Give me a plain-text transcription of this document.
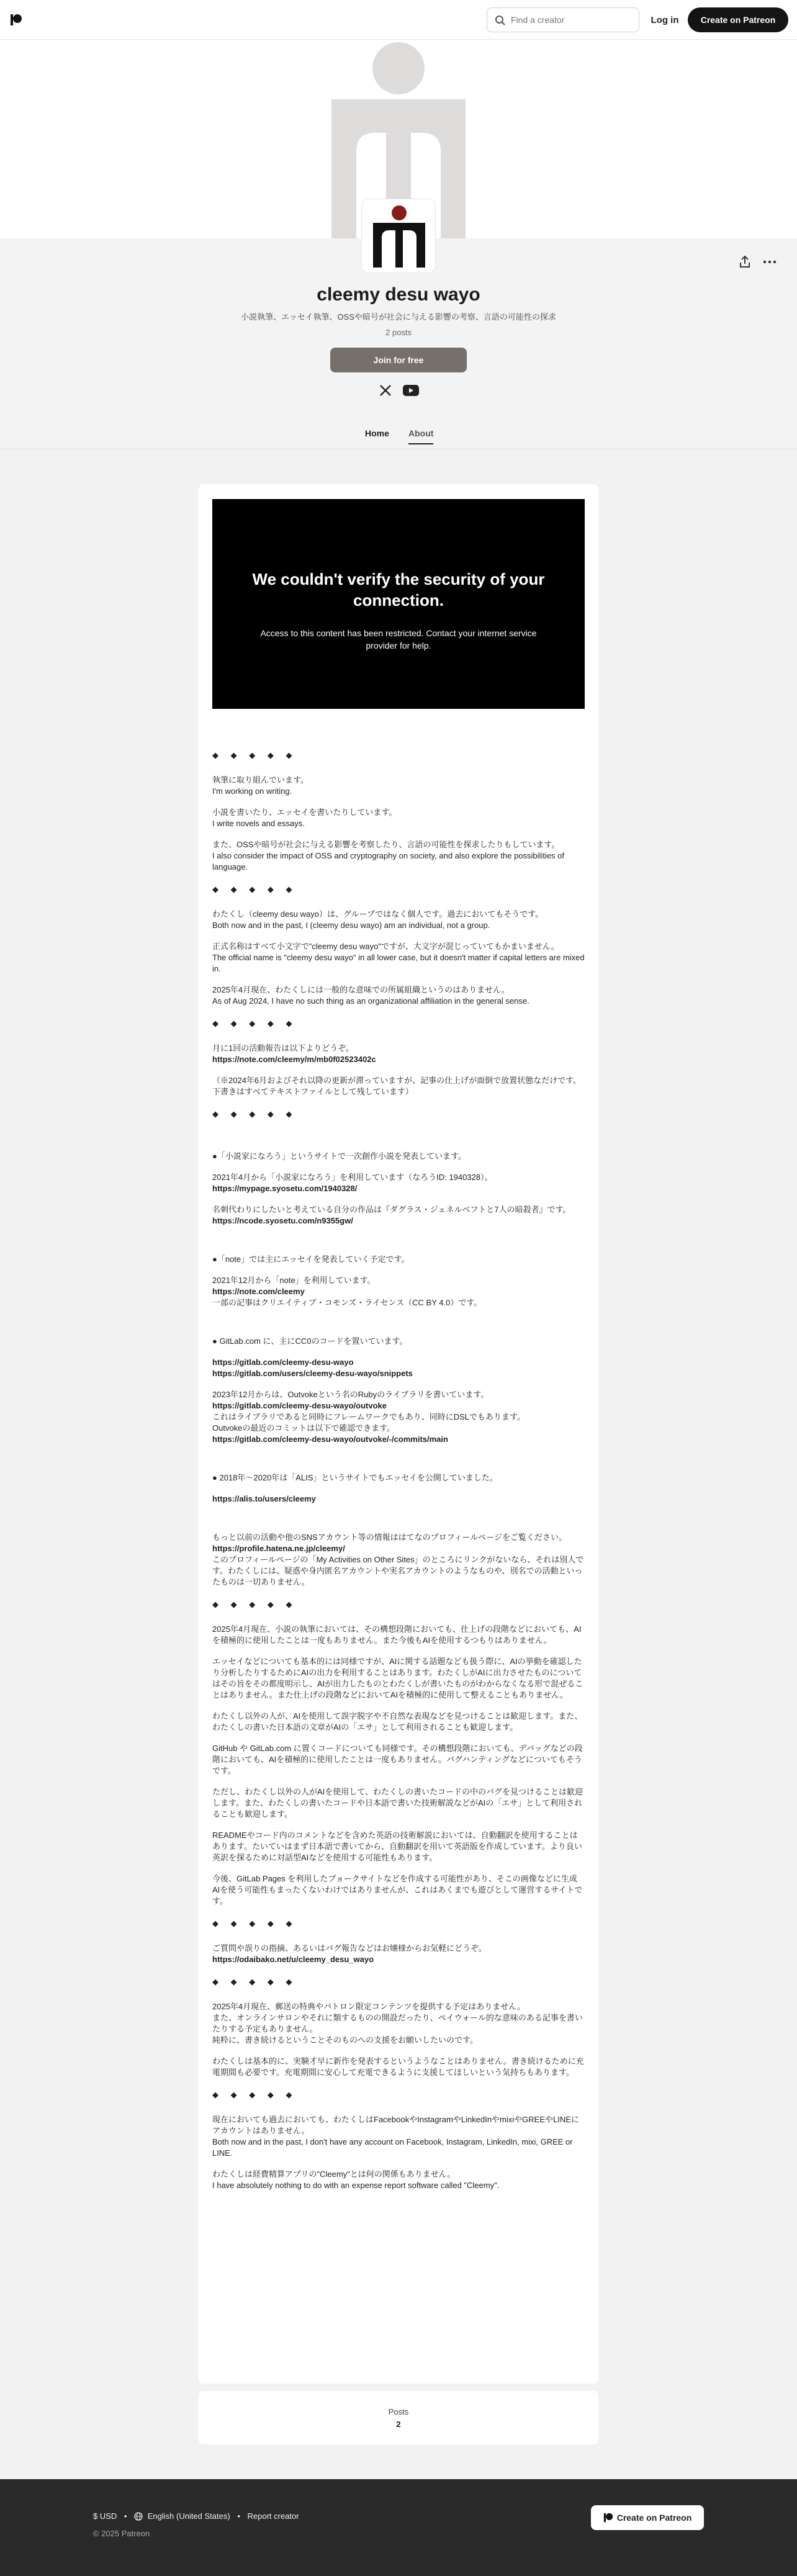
Find a creator
Log in	Create on Patreon
cleemy desu wayo
小説執筆、エッセイ執筆、OSSや暗号が社会に与える影響の考察、言語の可能性の探求
2 posts
Join for free
Home About
We couldn't verify the security of your connection.

Access to this content has been restricted. Contact your internet service provider for help.

◆ ◆ ◆ ◆ ◆

執筆に取り組んでいます。
I'm working on writing.

小説を書いたり、エッセイを書いたりしています。
I write novels and essays.

また、OSSや暗号が社会に与える影響を考察したり、言語の可能性を探求したりもしています。
I also consider the impact of OSS and cryptography on society, and also explore the possibilities of language.

◆ ◆ ◆ ◆ ◆

わたくし（cleemy desu wayo）は、グループではなく個人です。過去においてもそうです。
Both now and in the past, I (cleemy desu wayo) am an individual, not a group.

正式名称はすべて小文字で"cleemy desu wayo"ですが、大文字が混じっていてもかまいません。
The official name is "cleemy desu wayo" in all lower case, but it doesn't matter if capital letters are mixed in.

2025年4月現在、わたくしには一般的な意味での所属組織というのはありません。
As of Aug 2024, I have no such thing as an organizational affiliation in the general sense.

◆ ◆ ◆ ◆ ◆

月に1回の活動報告は以下よりどうぞ。
https://note.com/cleemy/m/mb0f02523402c

（※2024年6月およびそれ以降の更新が滞っていますが、記事の仕上げが面倒で放置状態なだけです。下書きはすべてテキストファイルとして残しています）

◆ ◆ ◆ ◆ ◆

●「小説家になろう」というサイトで一次創作小説を発表しています。

2021年4月から「小説家になろう」を利用しています（なろうID: 1940328）。
https://mypage.syosetu.com/1940328/

名刺代わりにしたいと考えている自分の作品は『ダグラス・ジェネルベフトと7人の暗殺者』です。
https://ncode.syosetu.com/n9355gw/

●「note」では主にエッセイを発表していく予定です。

2021年12月から「note」を利用しています。
https://note.com/cleemy
一部の記事はクリエイティブ・コモンズ・ライセンス（CC BY 4.0）です。

● GitLab.com に、主にCC0のコードを置いています。

https://gitlab.com/cleemy-desu-wayo
https://gitlab.com/users/cleemy-desu-wayo/snippets

2023年12月からは、Outvokeという名のRubyのライブラリを書いています。
https://gitlab.com/cleemy-desu-wayo/outvoke
これはライブラリであると同時にフレームワークでもあり、同時にDSLでもあります。
Outvokeの最近のコミットは以下で確認できます。
https://gitlab.com/cleemy-desu-wayo/outvoke/-/commits/main

● 2018年〜2020年は「ALIS」というサイトでもエッセイを公開していました。

https://alis.to/users/cleemy

もっと以前の活動や他のSNSアカウント等の情報ははてなのプロフィールページをご覧ください。
https://profile.hatena.ne.jp/cleemy/
このプロフィールページの「My Activities on Other Sites」のところにリンクがないなら、それは別人です。わたくしには、疑惑や身内匿名アカウントや実名アカウントのようなものや、別名での活動といったものは一切ありません。

◆ ◆ ◆ ◆ ◆

2025年4月現在、小説の執筆においては、その構想段階においても、仕上げの段階などにおいても、AIを積極的に使用したことは一度もありません。また今後もAIを使用するつもりはありません。

エッセイなどについても基本的には同様ですが、AIに関する話題なども扱う際に、AIの挙動を確認したり分析したりするためにAIの出力を利用することはあります。わたくしがAIに出力させたものについてはその旨をその都度明示し、AIが出力したものとわたくしが書いたものがわからなくなる形で混ぜることはありません。また仕上げの段階などにおいてAIを積極的に使用して整えることもありません。

わたくし以外の人が、AIを使用して誤字脱字や不自然な表現などを見つけることは歓迎します。また、わたくしの書いた日本語の文章がAIの「エサ」として利用されることも歓迎します。

GitHub や GitLab.com に置くコードについても同様です。その構想段階においても、デバッグなどの段階においても、AIを積極的に使用したことは一度もありません。バグハンティングなどについてもそうです。

ただし、わたくし以外の人がAIを使用して、わたくしの書いたコードの中のバグを見つけることは歓迎します。また、わたくしの書いたコードや日本語で書いた技術解説などがAIの「エサ」として利用されることも歓迎します。

READMEやコード内のコメントなどを含めた英語の技術解説においては、自動翻訳を使用することはあります。たいていはまず日本語で書いてから、自動翻訳を用いて英語版を作成しています。より良い英訳を探るために対話型AIなどを使用する可能性もあります。

今後、GitLab Pages を利用したブョークサイトなどを作成する可能性があり、そこの画像などに生成AIを使う可能性もまったくないわけではありませんが、これはあくまでも遊びとして運営するサイトです。

◆ ◆ ◆ ◆ ◆

ご質問や誤りの指摘、あるいはバグ報告などはお嬢様からお気軽にどうぞ。
https://odaibako.net/u/cleemy_desu_wayo

◆ ◆ ◆ ◆ ◆

2025年4月現在、郵送の特典やパトロン限定コンテンツを提供する予定はありません。
また、オンラインサロンやそれに類するものの開設だったり、ペイウォール的な意味のある記事を書いたりする予定もありません。
純粋に、書き続けるということそのものへの支援をお願いしたいのです。

わたくしは基本的に、実験才早に新作を発表するというようなことはありません。書き続けるために充電期間も必要です。充電期間に安心して充電できるように支援してほしいという気持ちもあります。

◆ ◆ ◆ ◆ ◆

現在においても過去においても、わたくしはFacebookやInstagramやLinkedInやmixiやGREEやLINEにアカウントはありません。
Both now and in the past, I don't have any account on Facebook, Instagram, LinkedIn, mixi, GREE or LINE.

わたくしは経費精算アプリの"Cleemy"とは何の関係もありません。
I have absolutely nothing to do with an expense report software called "Cleemy".

Posts
2
$ USD •	English (United States) • Report creator
© 2025 Patreon
Create on Patreon
